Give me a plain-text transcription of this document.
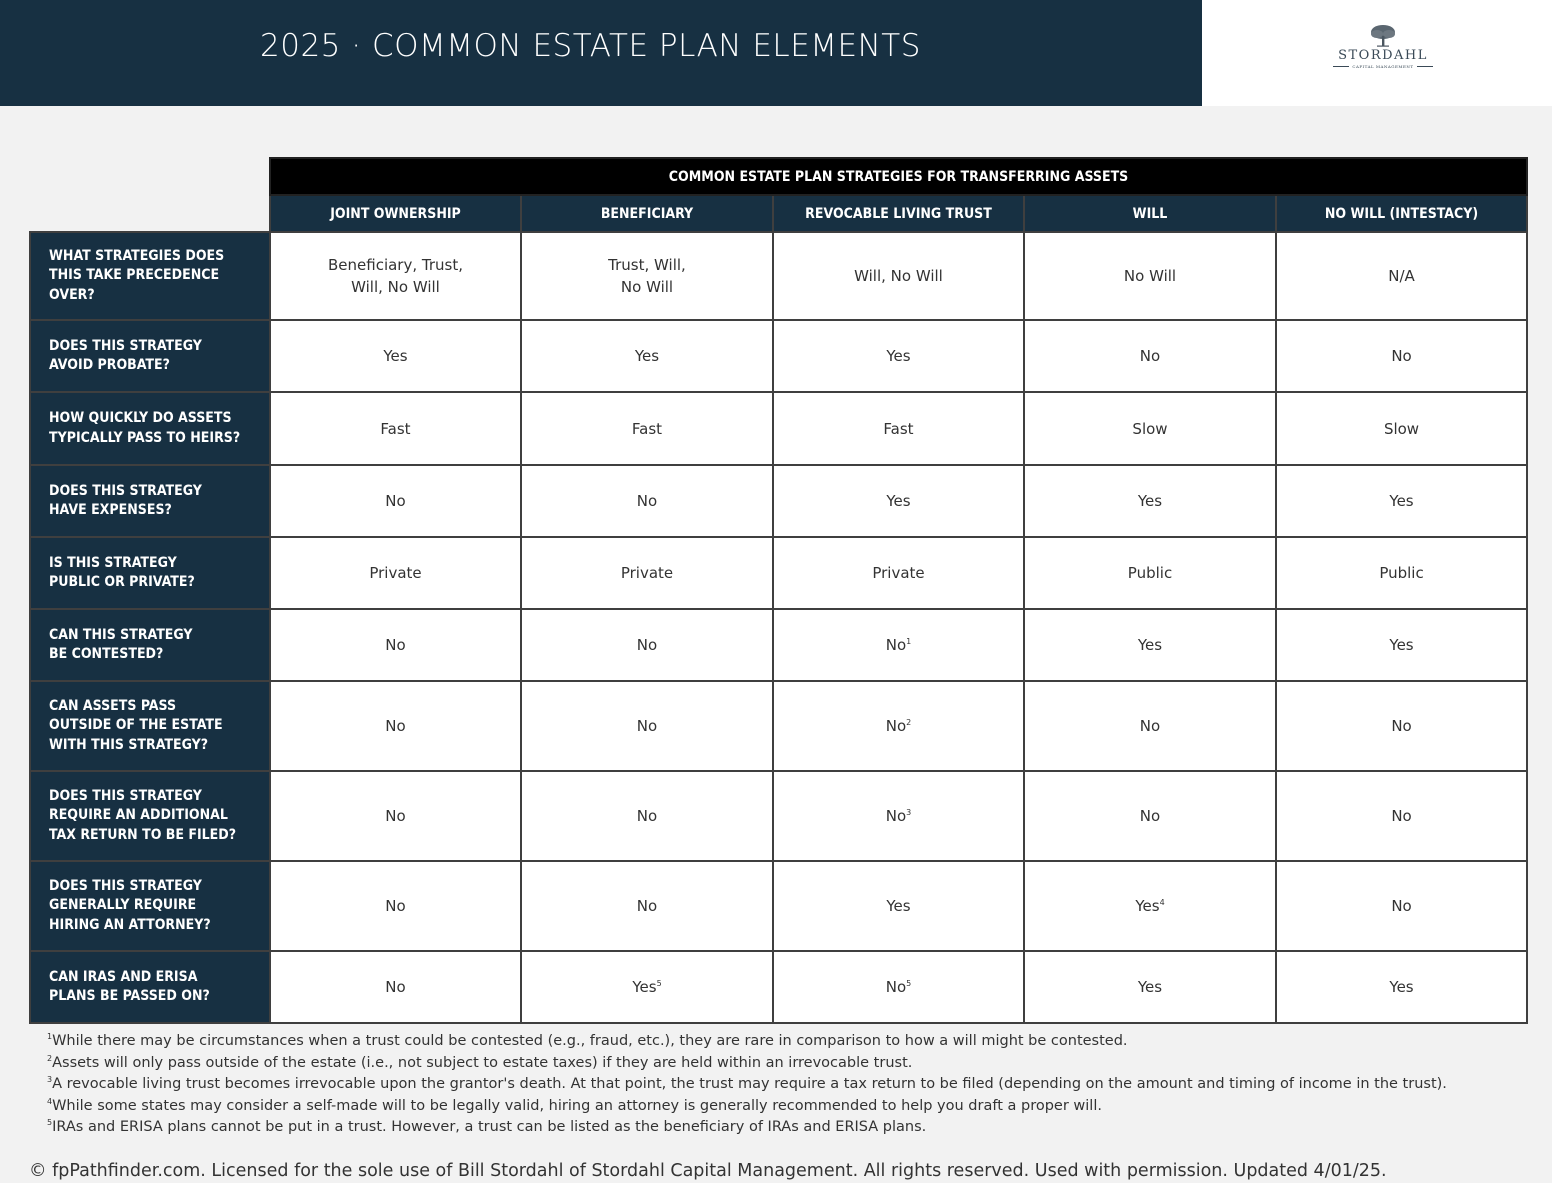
2025 · COMMON ESTATE PLAN ELEMENTS	STORDAHL
CAPITAL MANAGEMENT
	COMMON ESTATE PLAN STRATEGIES FOR TRANSFERRING ASSETS				
	JOINT OWNERSHIP	BENEFICIARY	REVOCABLE LIVING TRUST	WILL	NO WILL (INTESTACY)

WHAT STRATEGIES DOES
THIS TAKE PRECEDENCE
OVER?	Beneficiary, Trust,
Will, No Will	Trust, Will,
No Will	Will, No Will	No Will	N/A

DOES THIS STRATEGY
AVOID PROBATE?	Yes	Yes	Yes	No	No

HOW QUICKLY DO ASSETS
TYPICALLY PASS TO HEIRS?	Fast	Fast	Fast	Slow	Slow

DOES THIS STRATEGY
HAVE EXPENSES?	No	No	Yes	Yes	Yes

IS THIS STRATEGY
PUBLIC OR PRIVATE?	Private	Private	Private	Public	Public

CAN THIS STRATEGY
BE CONTESTED?	No	No	No$^1$	Yes	Yes

CAN ASSETS PASS
OUTSIDE OF THE ESTATE
WITH THIS STRATEGY?	No	No	No$^2$	No	No

DOES THIS STRATEGY
REQUIRE AN ADDITIONAL
TAX RETURN TO BE FILED?	No	No	No$^3$	No	No

DOES THIS STRATEGY
GENERALLY REQUIRE
HIRING AN ATTORNEY?	No	No	Yes	Yes$^4$	No

CAN IRAS AND ERISA
PLANS BE PASSED ON?	No	Yes$^5$	No$^5$	Yes	Yes
$^1$While there may be circumstances when a trust could be contested (e.g., fraud, etc.), they are rare in comparison to how a will might be contested.
$^2$Assets will only pass outside of the estate (i.e., not subject to estate taxes) if they are held within an irrevocable trust.
$^3$A revocable living trust becomes irrevocable upon the grantor's death. At that point, the trust may require a tax return to be filed (depending on the amount and timing of income in the trust).
$^4$While some states may consider a self-made will to be legally valid, hiring an attorney is generally recommended to help you draft a proper will.
$^5$IRAs and ERISA plans cannot be put in a trust. However, a trust can be listed as the beneficiary of IRAs and ERISA plans.
© fpPathfinder.com. Licensed for the sole use of Bill Stordahl of Stordahl Capital Management. All rights reserved. Used with permission. Updated 4/01/25.
